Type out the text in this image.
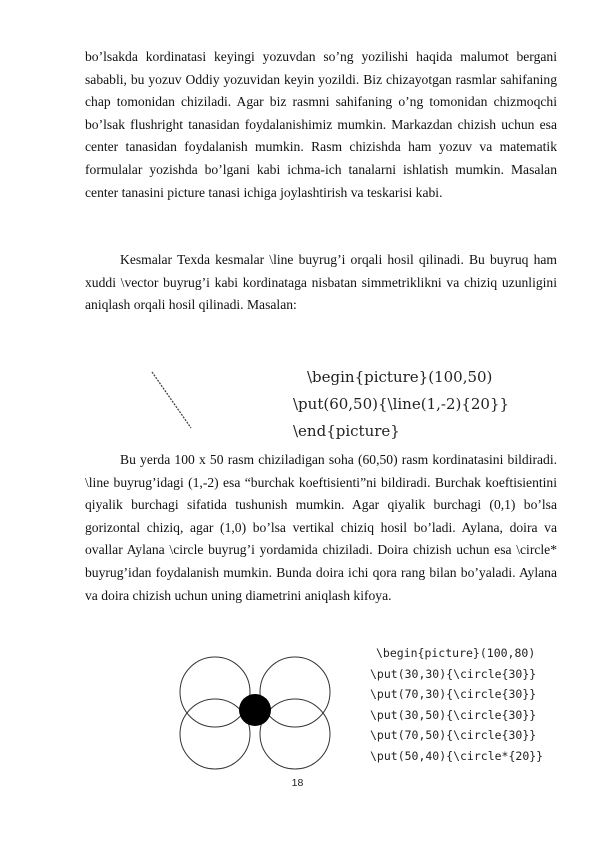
bo’lsakda kordinatasi keyingi yozuvdan so’ng yozilishi haqida malumot bergani sababli, bu yozuv Oddiy yozuvidan keyin yozildi. Biz chizayotgan rasmlar sahifaning chap tomonidan chiziladi. Agar biz rasmni sahifaning o’ng tomonidan chizmoqchi bo’lsak flushright tanasidan foydalanishimiz mumkin. Markazdan chizish uchun esa center tanasidan foydalanish mumkin. Rasm chizishda ham yozuv va matematik formulalar yozishda bo’lgani kabi ichma-ich tanalarni ishlatish mumkin. Masalan center tanasini picture tanasi ichiga joylashtirish va teskarisi kabi.

Kesmalar Texda kesmalar \line buyrug’i orqali hosil qilinadi. Bu buyruq ham xuddi \vector buyrug’i kabi kordinataga nisbatan simmetriklikni va chiziq uzunligini aniqlash orqali hosil qilinadi. Masalan:

\begin{picture}(100,50)
\put(60,50){\line(1,-2){20}}
\end{picture}

Bu yerda 100 x 50 rasm chiziladigan soha (60,50) rasm kordinatasini bildiradi. \line buyrug’idagi (1,-2) esa “burchak koeftisienti”ni bildiradi. Burchak koeftisientini qiyalik burchagi sifatida tushunish mumkin. Agar qiyalik burchagi (0,1) bo’lsa gorizontal chiziq, agar (1,0) bo’lsa vertikal chiziq hosil bo’ladi. Aylana, doira va ovallar Aylana \circle buyrug’i yordamida chiziladi. Doira chizish uchun esa \circle* buyrug’idan foydalanish mumkin. Bunda doira ichi qora rang bilan bo’yaladi. Aylana va doira chizish uchun uning diametrini aniqlash kifoya.

\begin{picture}(100,80)
\put(30,30){\circle{30}}
\put(70,30){\circle{30}}
\put(30,50){\circle{30}}
\put(70,50){\circle{30}}
\put(50,40){\circle*{20}}
18
